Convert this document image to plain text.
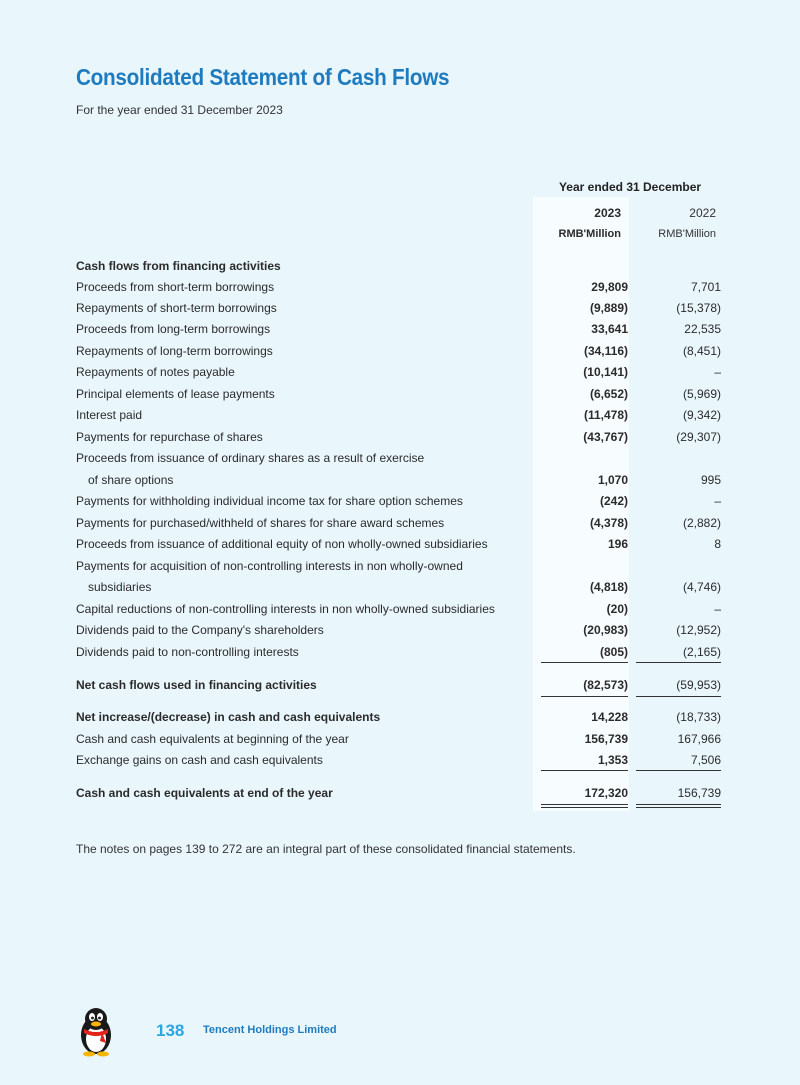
Consolidated Statement of Cash Flows
For the year ended 31 December 2023
Year ended 31 December
2023	2022
RMB'Million	RMB'Million
Cash flows from financing activities
Proceeds from short-term borrowings	29,809	7,701
Repayments of short-term borrowings	(9,889)	(15,378)
Proceeds from long-term borrowings	33,641	22,535
Repayments of long-term borrowings	(34,116)	(8,451)
Repayments of notes payable	(10,141)	–
Principal elements of lease payments	(6,652)	(5,969)
Interest paid	(11,478)	(9,342)
Payments for repurchase of shares	(43,767)	(29,307)
Proceeds from issuance of ordinary shares as a result of exercise
of share options	1,070	995
Payments for withholding individual income tax for share option schemes	(242)	–
Payments for purchased/withheld of shares for share award schemes	(4,378)	(2,882)
Proceeds from issuance of additional equity of non wholly-owned subsidiaries	196	8
Payments for acquisition of non-controlling interests in non wholly-owned
subsidiaries	(4,818)	(4,746)
Capital reductions of non-controlling interests in non wholly-owned subsidiaries	(20)	–
Dividends paid to the Company's shareholders	(20,983)	(12,952)
Dividends paid to non-controlling interests	(805)	(2,165)
Net cash flows used in financing activities	(82,573)	(59,953)
Net increase/(decrease) in cash and cash equivalents	14,228	(18,733)
Cash and cash equivalents at beginning of the year	156,739	167,966
Exchange gains on cash and cash equivalents	1,353	7,506
Cash and cash equivalents at end of the year	172,320	156,739
The notes on pages 139 to 272 are an integral part of these consolidated financial statements.
138 Tencent Holdings Limited
